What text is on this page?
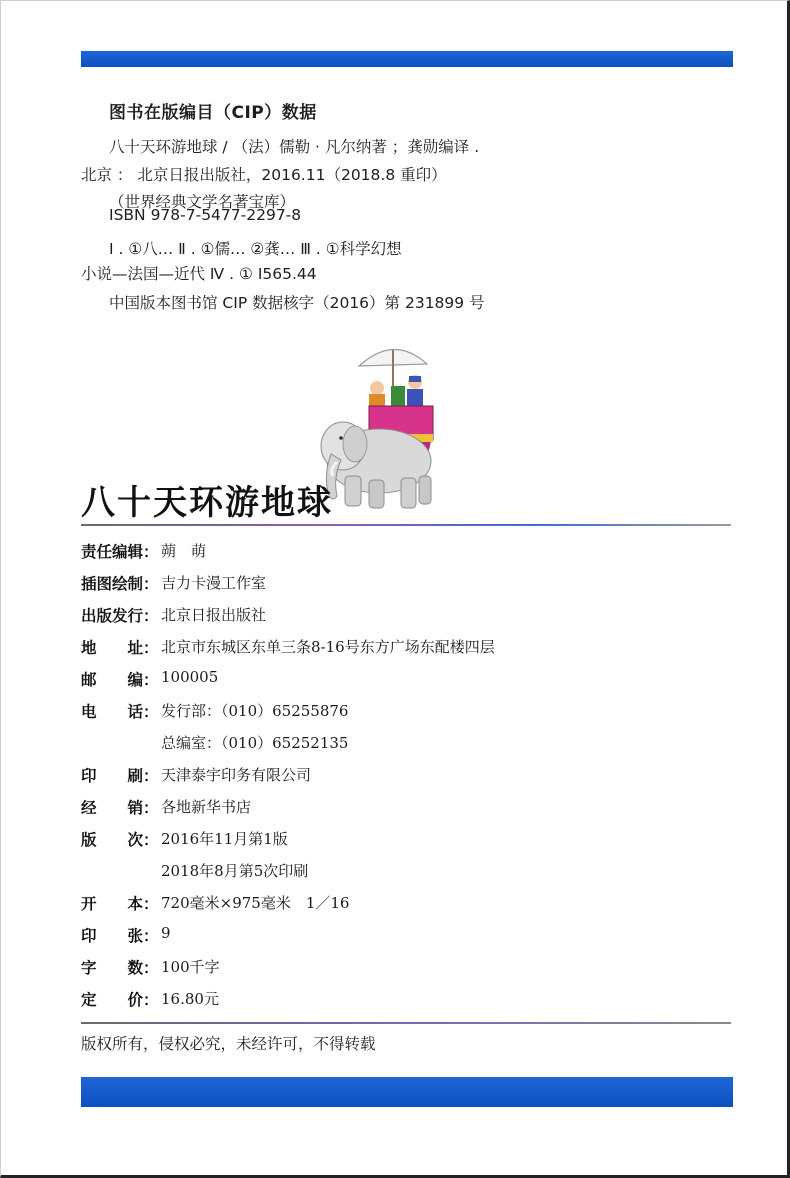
图书在版编目（CIP）数据
八十天环游地球 / （法）儒勒 · 凡尔纳著 ；龚勋编译 .
北京 ： 北京日报出版社，2016.11（2018.8 重印）
（世界经典文学名著宝库）
ISBN 978-7-5477-2297-8
Ⅰ . ①八… Ⅱ . ①儒… ②龚… Ⅲ . ①科学幻想
小说—法国—近代 Ⅳ . ① I565.44
中国版本图书馆 CIP 数据核字（2016）第 231899 号
八十天环游地球
责任编辑： 蒴　萌
插图绘制： 吉力卡漫工作室
出版发行： 北京日报出版社
地　　址： 北京市东城区东单三条8-16号东方广场东配楼四层
邮　　编： 100005
电　　话： 发行部：（010）65255876
总编室：（010）65252135
印　　刷： 天津泰宇印务有限公司
经　　销： 各地新华书店
版　　次： 2016年11月第1版
2018年8月第5次印刷
开　　本： 720毫米×975毫米　1／16
印　　张： 9
字　　数： 100千字
定　　价： 16.80元
版权所有，侵权必究，未经许可，不得转载
